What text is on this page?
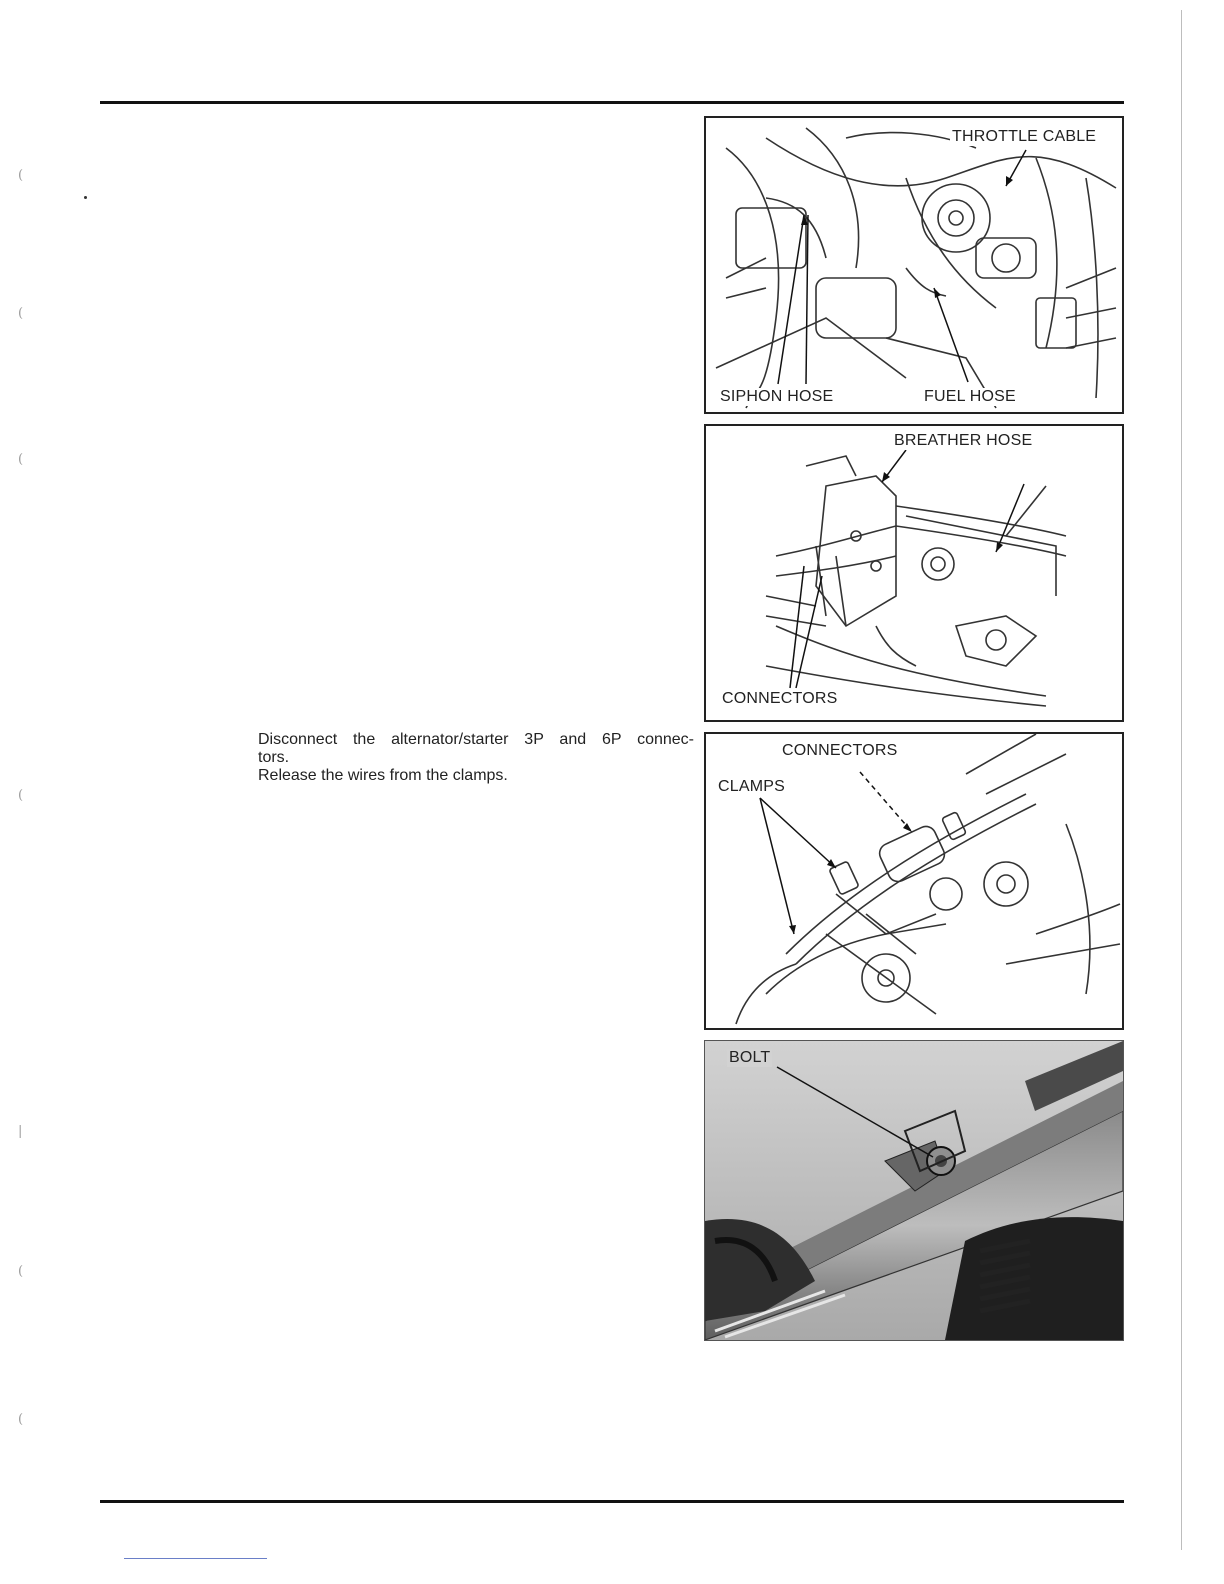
(
(
(
(
|
(
(

Disconnect the alternator/starter 3P and 6P connec-

tors.

Release the wires from the clamps.

THROTTLE CABLE
SIPHON HOSE	FUEL HOSE
BREATHER HOSE
CONNECTORS
CONNECTORS
CLAMPS
BOLT
